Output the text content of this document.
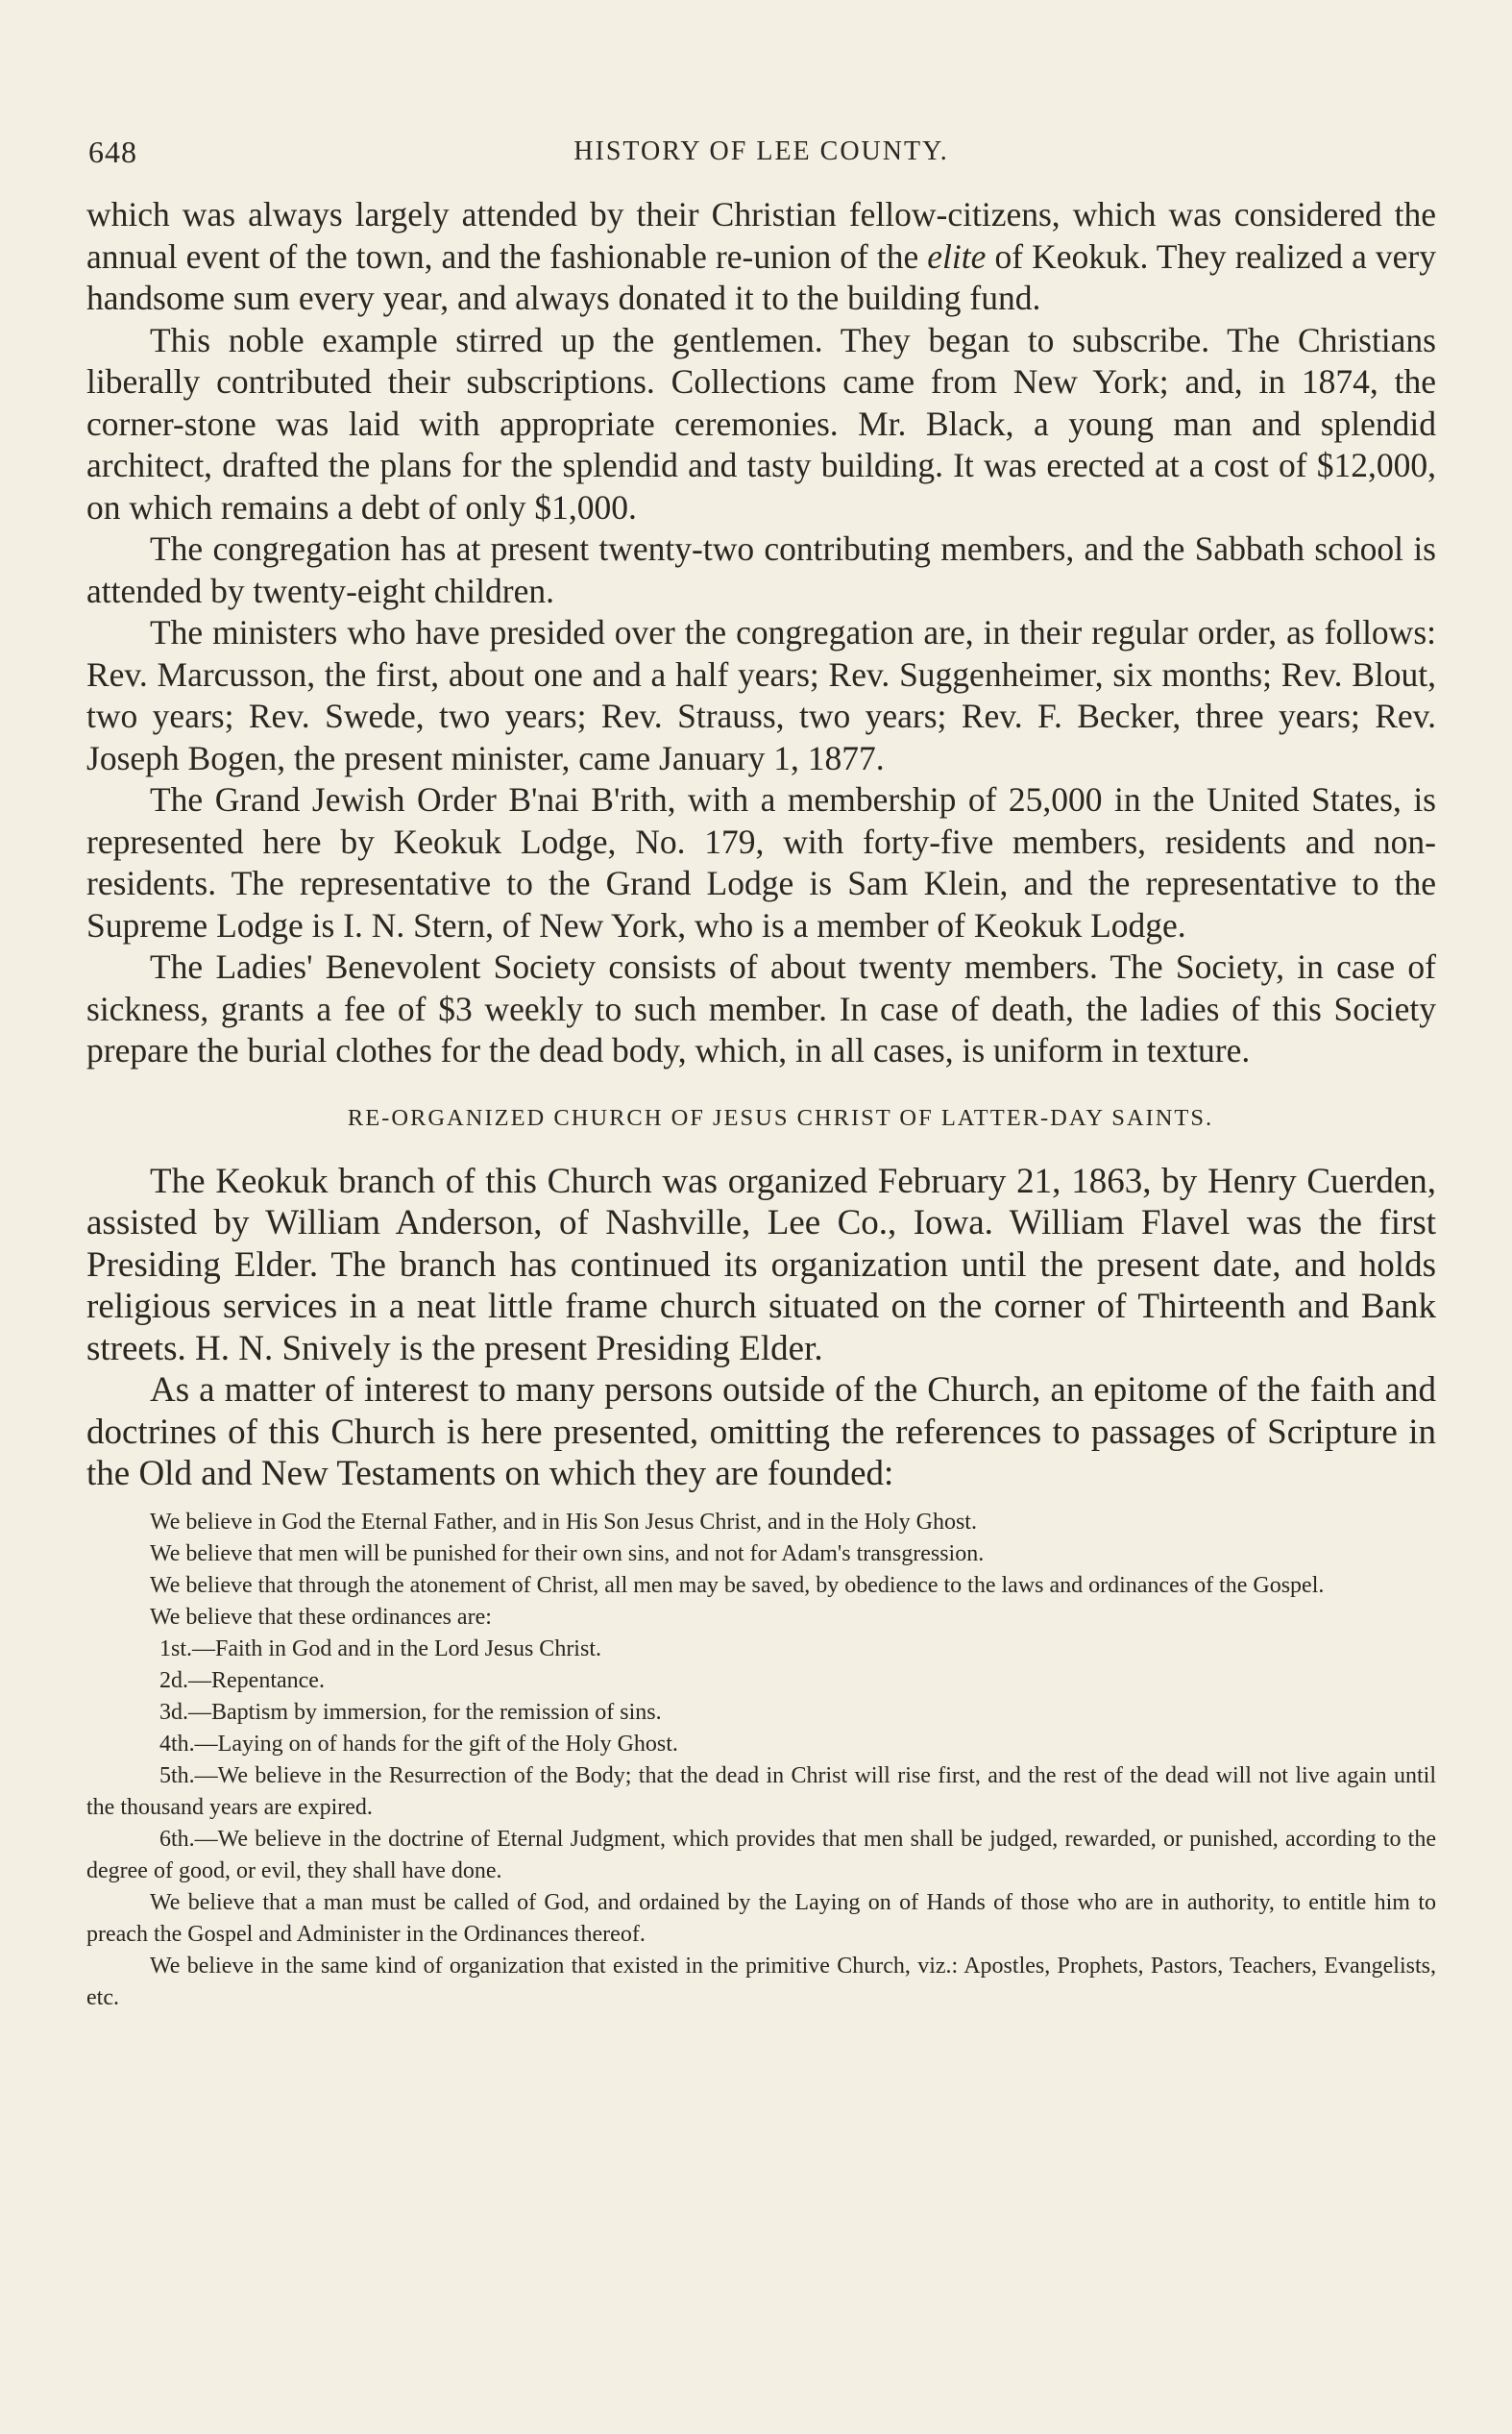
648	HISTORY OF LEE COUNTY.

which was always largely attended by their Christian fellow-citizens, which was considered the annual event of the town, and the fashionable re-union of the elite of Keokuk. They realized a very handsome sum every year, and always donated it to the building fund.

This noble example stirred up the gentlemen. They began to subscribe. The Christians liberally contributed their subscriptions. Collections came from New York; and, in 1874, the corner-stone was laid with appropriate ceremonies. Mr. Black, a young man and splendid architect, drafted the plans for the splendid and tasty building. It was erected at a cost of $12,000, on which remains a debt of only $1,000.

The congregation has at present twenty-two contributing members, and the Sabbath school is attended by twenty-eight children.

The ministers who have presided over the congregation are, in their regular order, as follows: Rev. Marcusson, the first, about one and a half years; Rev. Suggenheimer, six months; Rev. Blout, two years; Rev. Swede, two years; Rev. Strauss, two years; Rev. F. Becker, three years; Rev. Joseph Bogen, the present minister, came January 1, 1877.

The Grand Jewish Order B'nai B'rith, with a membership of 25,000 in the United States, is represented here by Keokuk Lodge, No. 179, with forty-five members, residents and non-residents. The representative to the Grand Lodge is Sam Klein, and the representative to the Supreme Lodge is I. N. Stern, of New York, who is a member of Keokuk Lodge.

The Ladies' Benevolent Society consists of about twenty members. The Society, in case of sickness, grants a fee of $3 weekly to such member. In case of death, the ladies of this Society prepare the burial clothes for the dead body, which, in all cases, is uniform in texture.

RE-ORGANIZED CHURCH OF JESUS CHRIST OF LATTER-DAY SAINTS.

The Keokuk branch of this Church was organized February 21, 1863, by Henry Cuerden, assisted by William Anderson, of Nashville, Lee Co., Iowa. William Flavel was the first Presiding Elder. The branch has continued its organization until the present date, and holds religious services in a neat little frame church situated on the corner of Thirteenth and Bank streets. H. N. Snively is the present Presiding Elder.

As a matter of interest to many persons outside of the Church, an epitome of the faith and doctrines of this Church is here presented, omitting the references to passages of Scripture in the Old and New Testaments on which they are founded:

We believe in God the Eternal Father, and in His Son Jesus Christ, and in the Holy Ghost.

We believe that men will be punished for their own sins, and not for Adam's transgression.

We believe that through the atonement of Christ, all men may be saved, by obedience to the laws and ordinances of the Gospel.

We believe that these ordinances are:

1st.—Faith in God and in the Lord Jesus Christ.

2d.—Repentance.

3d.—Baptism by immersion, for the remission of sins.

4th.—Laying on of hands for the gift of the Holy Ghost.

5th.—We believe in the Resurrection of the Body; that the dead in Christ will rise first, and the rest of the dead will not live again until the thousand years are expired.

6th.—We believe in the doctrine of Eternal Judgment, which provides that men shall be judged, rewarded, or punished, according to the degree of good, or evil, they shall have done.

We believe that a man must be called of God, and ordained by the Laying on of Hands of those who are in authority, to entitle him to preach the Gospel and Administer in the Ordinances thereof.

We believe in the same kind of organization that existed in the primitive Church, viz.: Apostles, Prophets, Pastors, Teachers, Evangelists, etc.
